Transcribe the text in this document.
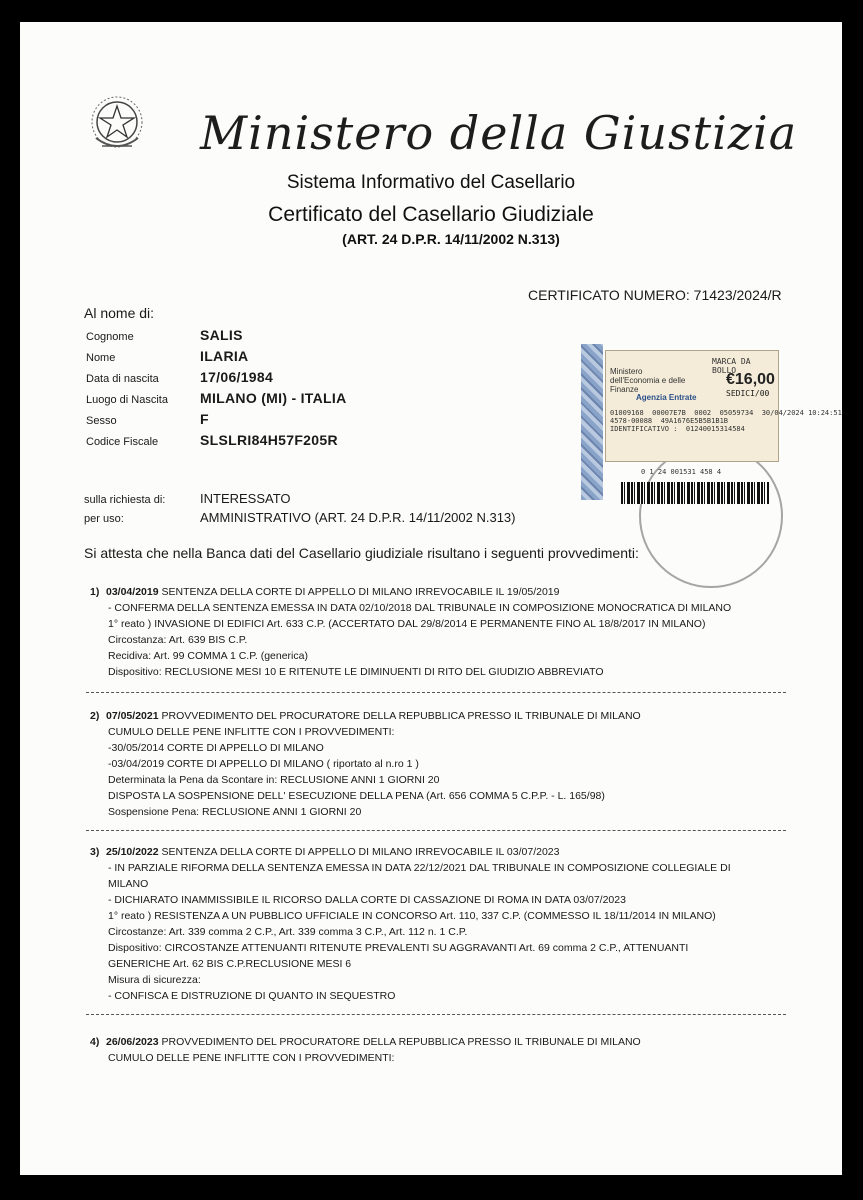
Ministero della Giustizia
Sistema Informativo del Casellario
Certificato del Casellario Giudiziale
(ART. 24 D.P.R. 14/11/2002 N.313)
CERTIFICATO NUMERO: 71423/2024/R
Al nome di:
Cognome	SALIS
Nome	ILARIA
Data di nascita	17/06/1984
Luogo di Nascita	MILANO (MI) - ITALIA
Sesso	F
Codice Fiscale	SLSLRI84H57F205R
Ministero dell'Economia e delle Finanze
MARCA DA BOLLO
€16,00
SEDICI/00
Agenzia Entrate
01009168  00007E7B  0002  05059734  30/04/2024 10:24:51
4578-00088  49A1676E5B5B1B1B
IDENTIFICATIVO :  01240015314584
0 1 24 001531 458 4
sulla richiesta di:	INTERESSATO
per uso:	AMMINISTRATIVO (ART. 24 D.P.R. 14/11/2002 N.313)
Si attesta che nella Banca dati del Casellario giudiziale risultano i seguenti provvedimenti:
1) 03/04/2019 SENTENZA DELLA CORTE DI APPELLO DI MILANO IRREVOCABILE IL 19/05/2019
- CONFERMA DELLA SENTENZA EMESSA IN DATA 02/10/2018 DAL TRIBUNALE IN COMPOSIZIONE MONOCRATICA DI MILANO
1° reato ) INVASIONE DI EDIFICI Art. 633 C.P. (ACCERTATO DAL 29/8/2014 E PERMANENTE FINO AL 18/8/2017 IN MILANO)
Circostanza: Art. 639 BIS C.P.
Recidiva: Art. 99 COMMA 1 C.P. (generica)
Dispositivo: RECLUSIONE MESI 10 E RITENUTE LE DIMINUENTI DI RITO DEL GIUDIZIO ABBREVIATO
2) 07/05/2021 PROVVEDIMENTO DEL PROCURATORE DELLA REPUBBLICA PRESSO IL TRIBUNALE DI MILANO
CUMULO DELLE PENE INFLITTE CON I PROVVEDIMENTI:
-30/05/2014 CORTE DI APPELLO DI MILANO
-03/04/2019 CORTE DI APPELLO DI MILANO ( riportato al n.ro 1 )
Determinata la Pena da Scontare in: RECLUSIONE ANNI 1 GIORNI 20
DISPOSTA LA SOSPENSIONE DELL' ESECUZIONE DELLA PENA (Art. 656 COMMA 5 C.P.P. - L. 165/98)
Sospensione Pena: RECLUSIONE ANNI 1 GIORNI 20
3) 25/10/2022 SENTENZA DELLA CORTE DI APPELLO DI MILANO IRREVOCABILE IL 03/07/2023
- IN PARZIALE RIFORMA DELLA SENTENZA EMESSA IN DATA 22/12/2021 DAL TRIBUNALE IN COMPOSIZIONE COLLEGIALE DI
MILANO
- DICHIARATO INAMMISSIBILE IL RICORSO DALLA CORTE DI CASSAZIONE DI ROMA IN DATA 03/07/2023
1° reato ) RESISTENZA A UN PUBBLICO UFFICIALE IN CONCORSO Art. 110, 337 C.P. (COMMESSO IL 18/11/2014 IN MILANO)
Circostanze: Art. 339 comma 2 C.P., Art. 339 comma 3 C.P., Art. 112 n. 1 C.P.
Dispositivo: CIRCOSTANZE ATTENUANTI RITENUTE PREVALENTI SU AGGRAVANTI Art. 69 comma 2 C.P., ATTENUANTI
GENERICHE Art. 62 BIS C.P.RECLUSIONE MESI 6
Misura di sicurezza:
- CONFISCA E DISTRUZIONE DI QUANTO IN SEQUESTRO
4) 26/06/2023 PROVVEDIMENTO DEL PROCURATORE DELLA REPUBBLICA PRESSO IL TRIBUNALE DI MILANO
CUMULO DELLE PENE INFLITTE CON I PROVVEDIMENTI:
